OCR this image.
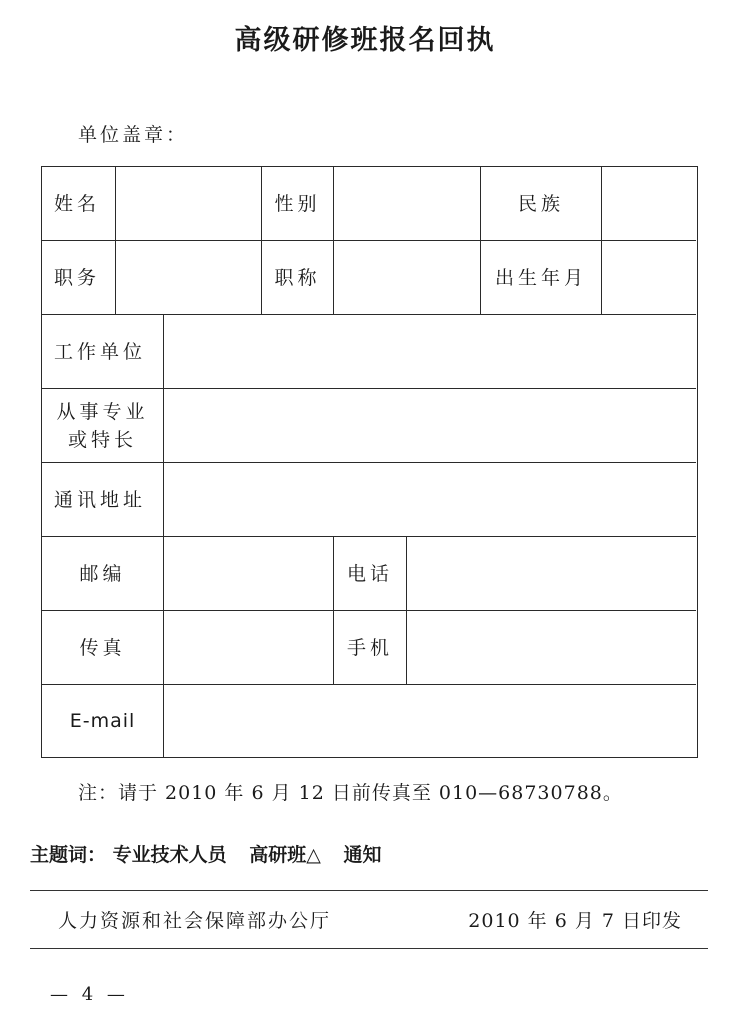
高级研修班报名回执
单位盖章：
姓名	性别	民族
职务	职称	出生年月
工作单位
从事专业
或特长
通讯地址
邮编	电话
传真	手机
E-mail
注：请于 2010 年 6 月 12 日前传真至 010—68730788。
主题词： 专业技术人员 高研班△ 通知
人力资源和社会保障部办公厅	2010 年 6 月 7 日印发
— 4 —
